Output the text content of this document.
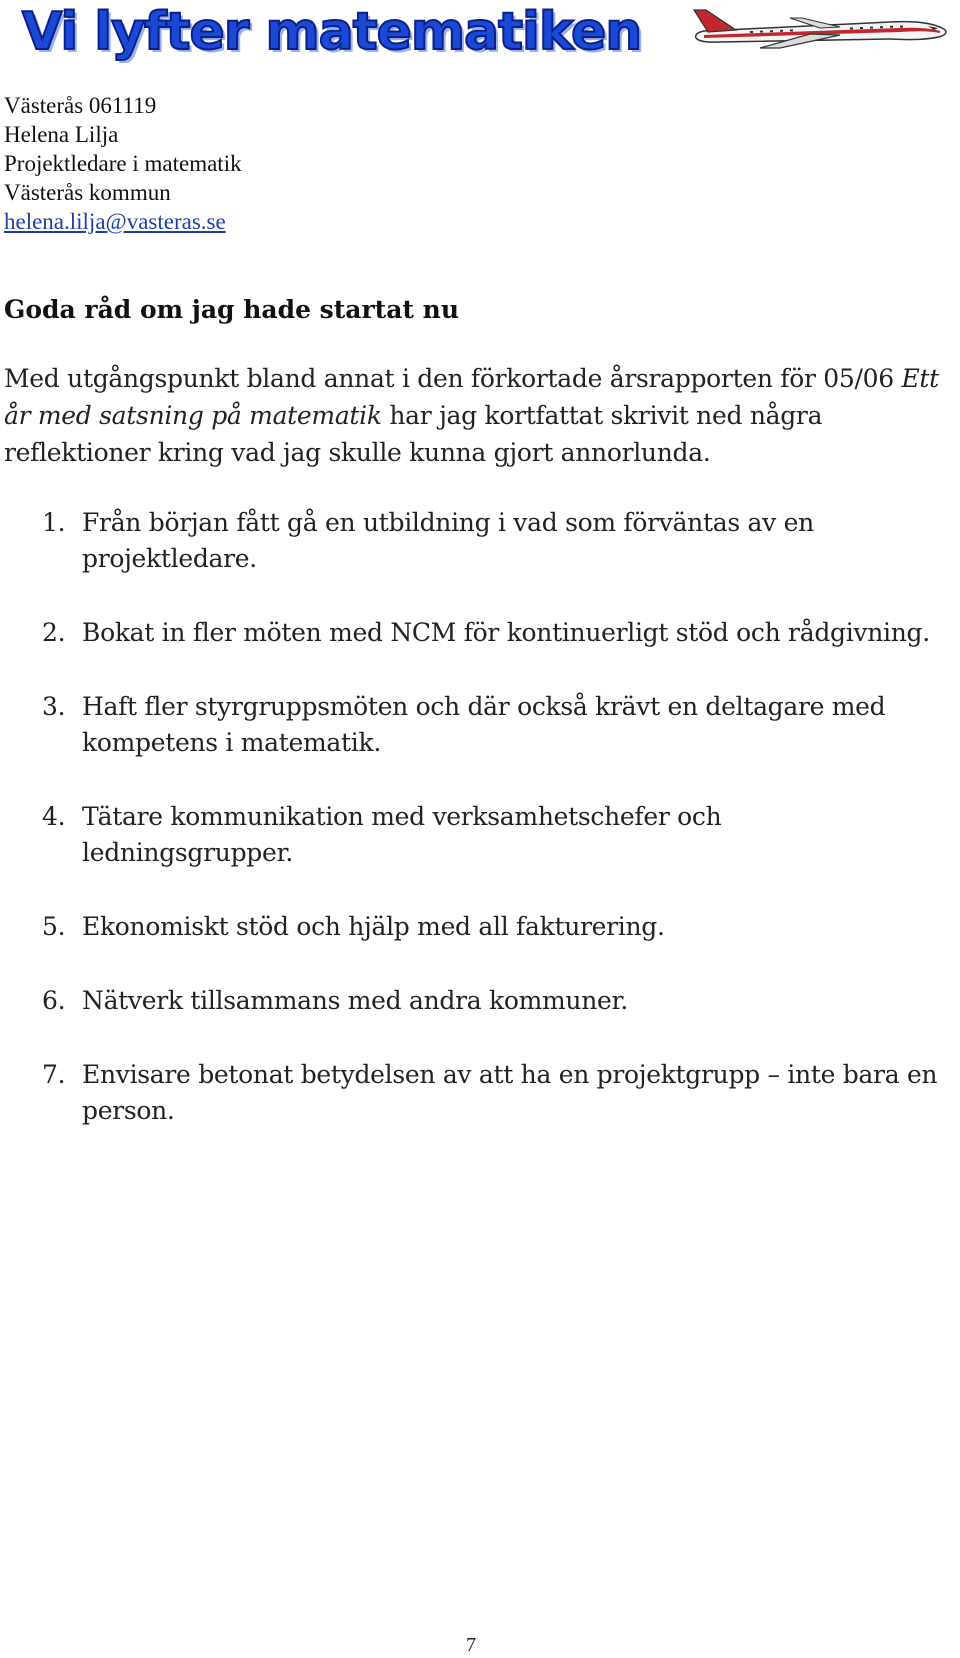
Vi lyfter matematiken
Västerås 061119
Helena Lilja
Projektledare i matematik
Västerås kommun
helena.lilja@vasteras.se
Goda råd om jag hade startat nu

Med utgångspunkt bland annat i den förkortade årsrapporten för 05/06 Ett år med satsning på matematik har jag kortfattat skrivit ned några reflektioner kring vad jag skulle kunna gjort annorlunda.

1. Från början fått gå en utbildning i vad som förväntas av en projektledare.
2. Bokat in fler möten med NCM för kontinuerligt stöd och rådgivning.
3. Haft fler styrgruppsmöten och där också krävt en deltagare med kompetens i matematik.
4. Tätare kommunikation med verksamhetschefer och ledningsgrupper.
5. Ekonomiskt stöd och hjälp med all fakturering.
6. Nätverk tillsammans med andra kommuner.
7. Envisare betonat betydelsen av att ha en projektgrupp – inte bara en person.
7
